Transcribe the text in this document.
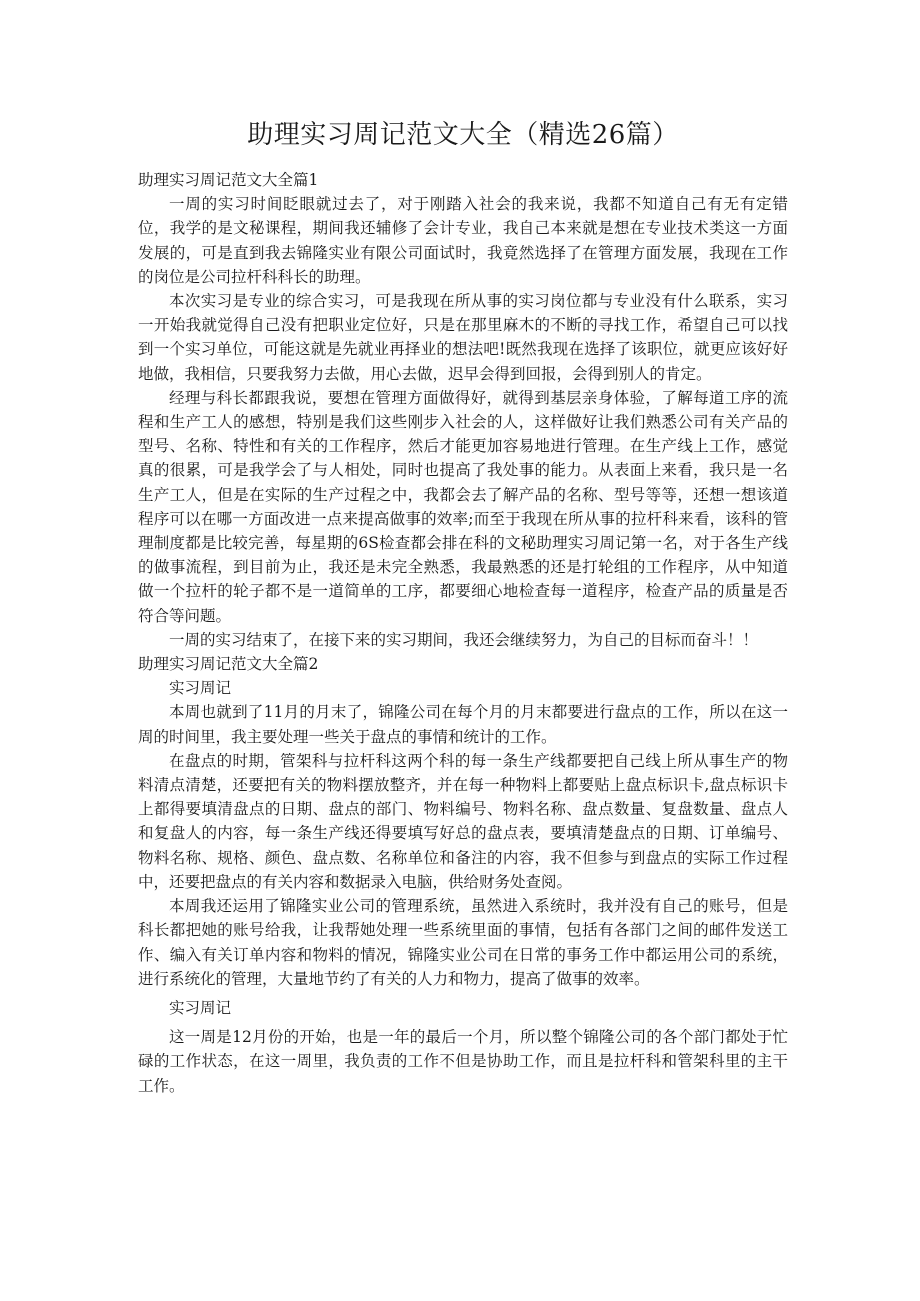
助理实习周记范文大全（精选26篇）

助理实习周记范文大全篇1

一周的实习时间眨眼就过去了，对于刚踏入社会的我来说，我都不知道自己有无有定错位，我学的是文秘课程，期间我还辅修了会计专业，我自己本来就是想在专业技术类这一方面发展的，可是直到我去锦隆实业有限公司面试时，我竟然选择了在管理方面发展，我现在工作的岗位是公司拉杆科科长的助理。

本次实习是专业的综合实习，可是我现在所从事的实习岗位都与专业没有什么联系，实习一开始我就觉得自己没有把职业定位好，只是在那里麻木的不断的寻找工作，希望自己可以找到一个实习单位，可能这就是先就业再择业的想法吧!既然我现在选择了该职位，就更应该好好地做，我相信，只要我努力去做，用心去做，迟早会得到回报，会得到别人的肯定。

经理与科长都跟我说，要想在管理方面做得好，就得到基层亲身体验，了解每道工序的流程和生产工人的感想，特别是我们这些刚步入社会的人，这样做好让我们熟悉公司有关产品的型号、名称、特性和有关的工作程序，然后才能更加容易地进行管理。在生产线上工作，感觉真的很累，可是我学会了与人相处，同时也提高了我处事的能力。从表面上来看，我只是一名生产工人，但是在实际的生产过程之中，我都会去了解产品的名称、型号等等，还想一想该道程序可以在哪一方面改进一点来提高做事的效率;而至于我现在所从事的拉杆科来看，该科的管理制度都是比较完善，每星期的6S检查都会排在科的文秘助理实习周记第一名，对于各生产线的做事流程，到目前为止，我还是未完全熟悉，我最熟悉的还是打轮组的工作程序，从中知道做一个拉杆的轮子都不是一道简单的工序，都要细心地检查每一道程序，检查产品的质量是否符合等问题。

一周的实习结束了，在接下来的实习期间，我还会继续努力，为自己的目标而奋斗！！

助理实习周记范文大全篇2

实习周记

本周也就到了11月的月末了，锦隆公司在每个月的月末都要进行盘点的工作，所以在这一周的时间里，我主要处理一些关于盘点的事情和统计的工作。

在盘点的时期，管架科与拉杆科这两个科的每一条生产线都要把自己线上所从事生产的物料清点清楚，还要把有关的物料摆放整齐，并在每一种物料上都要贴上盘点标识卡,盘点标识卡上都得要填清盘点的日期、盘点的部门、物料编号、物料名称、盘点数量、复盘数量、盘点人和复盘人的内容，每一条生产线还得要填写好总的盘点表，要填清楚盘点的日期、订单编号、物料名称、规格、颜色、盘点数、名称单位和备注的内容，我不但参与到盘点的实际工作过程中，还要把盘点的有关内容和数据录入电脑，供给财务处查阅。

本周我还运用了锦隆实业公司的管理系统，虽然进入系统时，我并没有自己的账号，但是科长都把她的账号给我，让我帮她处理一些系统里面的事情，包括有各部门之间的邮件发送工作、编入有关订单内容和物料的情况，锦隆实业公司在日常的事务工作中都运用公司的系统，进行系统化的管理，大量地节约了有关的人力和物力，提高了做事的效率。

实习周记

这一周是12月份的开始，也是一年的最后一个月，所以整个锦隆公司的各个部门都处于忙碌的工作状态，在这一周里，我负责的工作不但是协助工作，而且是拉杆科和管架科里的主干工作。
